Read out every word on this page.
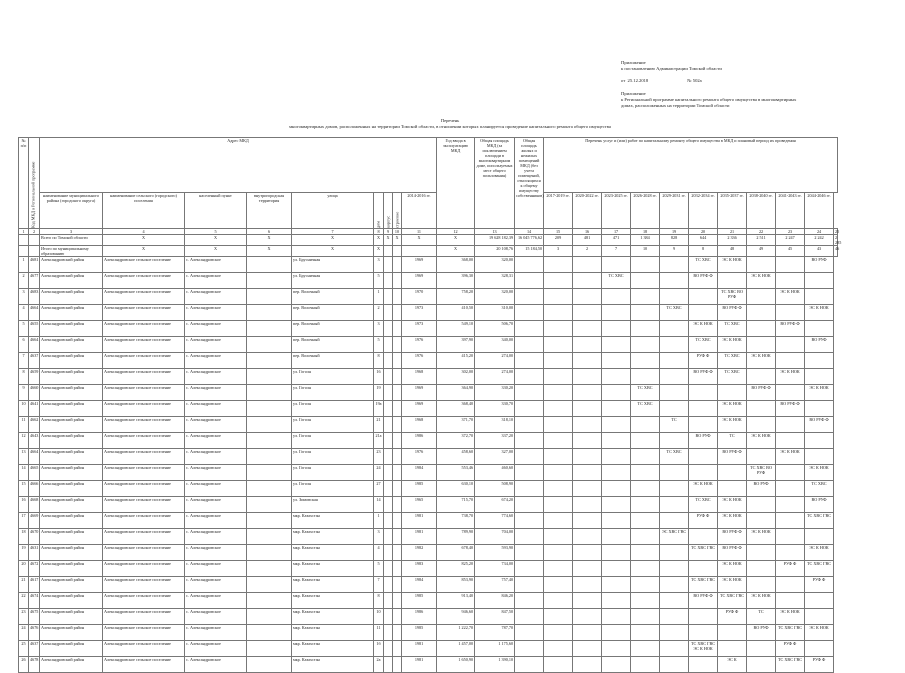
Приложение
к постановлению Администрации Томской области
от  25.12.2018                                  № 502а
Приложение
к Региональной программе капитального ремонта общего имущества в многоквартирных
домах, расположенных на территории Томской области
Перечень
многоквартирных домов, расположенных на территории Томской области, в отношении которых планируется проведение капитального ремонта общего имущества
№ п/п	Код МКД в Региональной программе	Адрес МКД									Год ввода в эксплуатацию МКД	Общая площадь МКД (за исключением площади в многоквартирном доме, используемых мест общего пользования)	Общая площадь жилых и нежилых помещений МКД (без учета помещений, относящихся к общему имуществу собственников)	Перечень услуг и (или) работ по капитальному ремонту общего имущества в МКД и плановый период их проведения										
		наименование муниципального района (городского округа)	наименование сельского (городского) поселения	населенный пункт	внутригородская территория	улица	дом	корпус	строение	2014-2016 гг.				2017-2019 гг.	2020-2022 гг.	2023-2025 гг.	2026-2028 гг.	2029-2031 гг.	2032-2034 гг.	2035-2037 гг.	2038-2040 гг.	2041-2043 гг.	2044-2046 гг.	
1	2	3	4	5	6	7	8	9	10	11	12	13	14	15	16	17	18	19	20	21	22	23	24	25
		Всего по Томской области	X	X	X	X	X	X	X	X	X	19 628 182,39	16 045 776,62	209	481	471	1 384	828	644	2 336	2 511	2 247	2 242	2 285
		Итого по муниципальному образованию	X	X	X	X	X				X	20 108,76	15 184,50	3	2	7	10	9	8	48	49	45	43	46
1	4681	Александровский район	Александровское сельское поселение	с. Александровское		ул. Брусничная	3			1969	368,00	320,00							ТС ХВС	ЭС К НОК			ВО РУФ	
2	4677	Александровский район	Александровское сельское поселение	с. Александровское		ул. Брусничная	5			1969	396,30	328,31				ТС ХВС			ВО РУФ Ф		ЭС К НОК			
3	4683	Александровский район	Александровское сельское поселение	с. Александровское		пер. Волочный	1			1970	758,20	320,00								ТС ХВС ВО РУФ		ЭС К НОК		
4	4664	Александровский район	Александровское сельское поселение	с. Александровское		пер. Волочный	2			1973	410,50	310,00						ТС ХВС		ВО РУФ Ф			ЭС К НОК	
5	4655	Александровский район	Александровское сельское поселение	с. Александровское		пер. Волочный	3			1973	549,10	506,70							ЭС К НОК	ТС ХВС		ВО РУФ Ф		
6	4664	Александровский район	Александровское сельское поселение	с. Александровское		пер. Волочный	5			1976	397,90	340,00							ТС ХВС	ЭС К НОК			ВО РУФ	
7	4637	Александровский район	Александровское сельское поселение	с. Александровское		пер. Волочный	8			1976	415,20	274,00							РУФ Ф	ТС ХВС	ЭС К НОК			
8	4659	Александровский район	Александровское сельское поселение	с. Александровское		ул. Гоголя	16			1968	302,00	274,00							ВО РУФ Ф	ТС ХВС		ЭС К НОК		
9	4660	Александровский район	Александровское сельское поселение	с. Александровское		ул. Гоголя	19			1969	364,90	330,20					ТС ХВС				ВО РУФ Ф		ЭС К НОК	
10	4641	Александровский район	Александровское сельское поселение	с. Александровское		ул. Гоголя	19а			1969	368,40	330,70					ТС ХВС			ЭС К НОК		ВО РУФ Ф		
11	4662	Александровский район	Александровское сельское поселение	с. Александровское		ул. Гоголя	21			1968	371,70	318,10						ТС		ЭС К НОК			ВО РУФ Ф	
12	4643	Александровский район	Александровское сельское поселение	с. Александровское		ул. Гоголя	21а			1986	372,70	337,20							ВО РУФ	ТС	ЭС К НОК			
13	4664	Александровский район	Александровское сельское поселение	с. Александровское		ул. Гоголя	23			1976	458,60	327,00						ТС ХВС		ВО РУФ Ф		ЭС К НОК		
14	4665	Александровский район	Александровское сельское поселение	с. Александровское		ул. Гоголя	24			1984	553,46	460,60									ТС ХВС ВО РУФ		ЭС К НОК	
15	4666	Александровский район	Александровское сельское поселение	с. Александровское		ул. Гоголя	27			1985	630,10	508,90							ЭС К НОК		ВО РУФ		ТС ХВС	
16	4668	Александровский район	Александровское сельское поселение	с. Александровское		ул. Зимовская	14			1965	715,70	674,20							ТС ХВС	ЭС К НОК			ВО РУФ	
17	4669	Александровский район	Александровское сельское поселение	с. Александровское		мкр. Казахстан	1			1981	738,70	774,60							РУФ Ф	ЭС К НОК			ТС ХВС ГВС	
18	4670	Александровский район	Александровское сельское поселение	с. Александровское		мкр. Казахстан	3			1981	789,90	704,00						ЭС ХВС ГВС		ВО РУФ Ф	ЭС К НОК			
19	4631	Александровский район	Александровское сельское поселение	с. Александровское		мкр. Казахстан	4			1982	678,40	593,90							ТС ХВС ГВС	ВО РУФ Ф			ЭС К НОК	
20	4672	Александровский район	Александровское сельское поселение	с. Александровское		мкр. Казахстан	5			1983	825,20	734,00								ЭС К НОК		РУФ Ф	ТС ХВС ГВС	
21	4617	Александровский район	Александровское сельское поселение	с. Александровское		мкр. Казахстан	7			1984	853,90	757,40							ТС ХВС ГВС	ЭС К НОК			РУФ Ф	
22	4674	Александровский район	Александровское сельское поселение	с. Александровское		мкр. Казахстан	8			1985	913,40	846,20							ВО РУФ Ф	ТС ХВС ГВС	ЭС К НОК			
23	4675	Александровский район	Александровское сельское поселение	с. Александровское		мкр. Казахстан	10			1986	946,60	847,50								РУФ Ф	ТС	ЭС К НОК		
24	4676	Александровский район	Александровское сельское поселение	с. Александровское		мкр. Казахстан	11			1985	1 222,70	787,70									ВО РУФ	ТС ХВС ГВС	ЭС К НОК	
25	4637	Александровский район	Александровское сельское поселение	с. Александровское		мкр. Казахстан	1б			1981	1 457,00	1 175,60							ТС ХВС ГВС ЭС К НОК			РУФ Ф		
26	4678	Александровский район	Александровское сельское поселение	с. Александровское		мкр. Казахстан	2а			1981	1 650,90	1 390,10								ЭС К		ТС ХВС ГВС	РУФ Ф	
